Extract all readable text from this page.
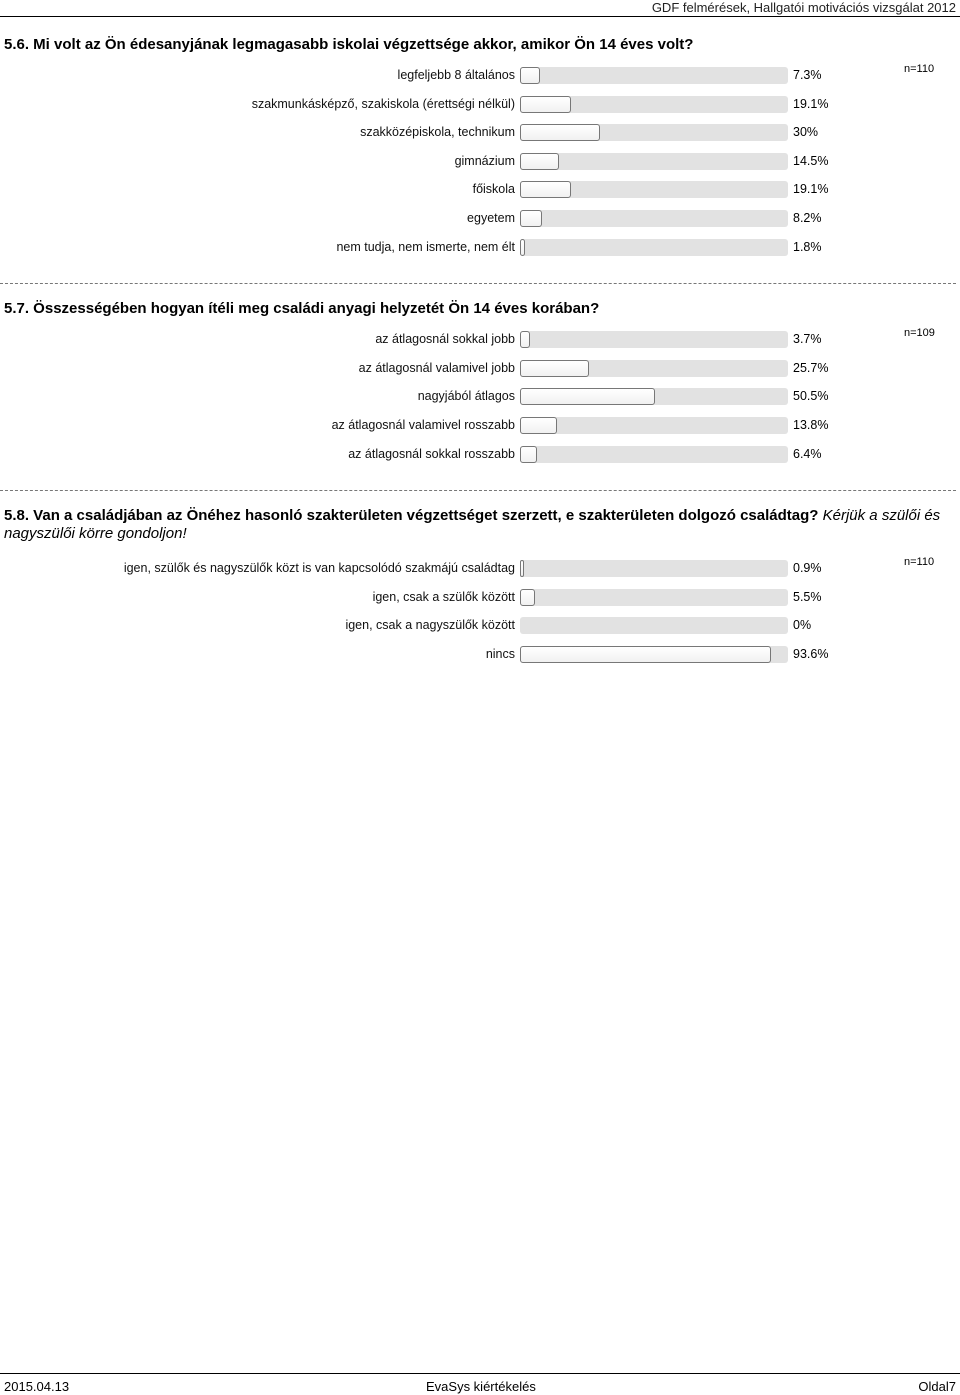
GDF felmérések, Hallgatói motivációs vizsgálat 2012
5.6. Mi volt az Ön édesanyjának legmagasabb iskolai végzettsége akkor, amikor Ön 14 éves volt?
n=110
legfeljebb 8 általános	7.3%
szakmunkásképző, szakiskola (érettségi nélkül)	19.1%
szakközépiskola, technikum	30%
gimnázium	14.5%
főiskola	19.1%
egyetem	8.2%
nem tudja, nem ismerte, nem élt	1.8%
5.7. Összességében hogyan ítéli meg családi anyagi helyzetét Ön 14 éves korában?
n=109
az átlagosnál sokkal jobb	3.7%
az átlagosnál valamivel jobb	25.7%
nagyjából átlagos	50.5%
az átlagosnál valamivel rosszabb	13.8%
az átlagosnál sokkal rosszabb	6.4%
5.8. Van a családjában az Önéhez hasonló szakterületen végzettséget szerzett, e szakterületen dolgozó családtag? Kérjük a szülői és nagyszülői körre gondoljon!
n=110
igen, szülők és nagyszülők közt is van kapcsolódó szakmájú családtag	0.9%
igen, csak a szülők között	5.5%
igen, csak a nagyszülők között	0%
nincs	93.6%
2015.04.13	EvaSys kiértékelés	Oldal7
